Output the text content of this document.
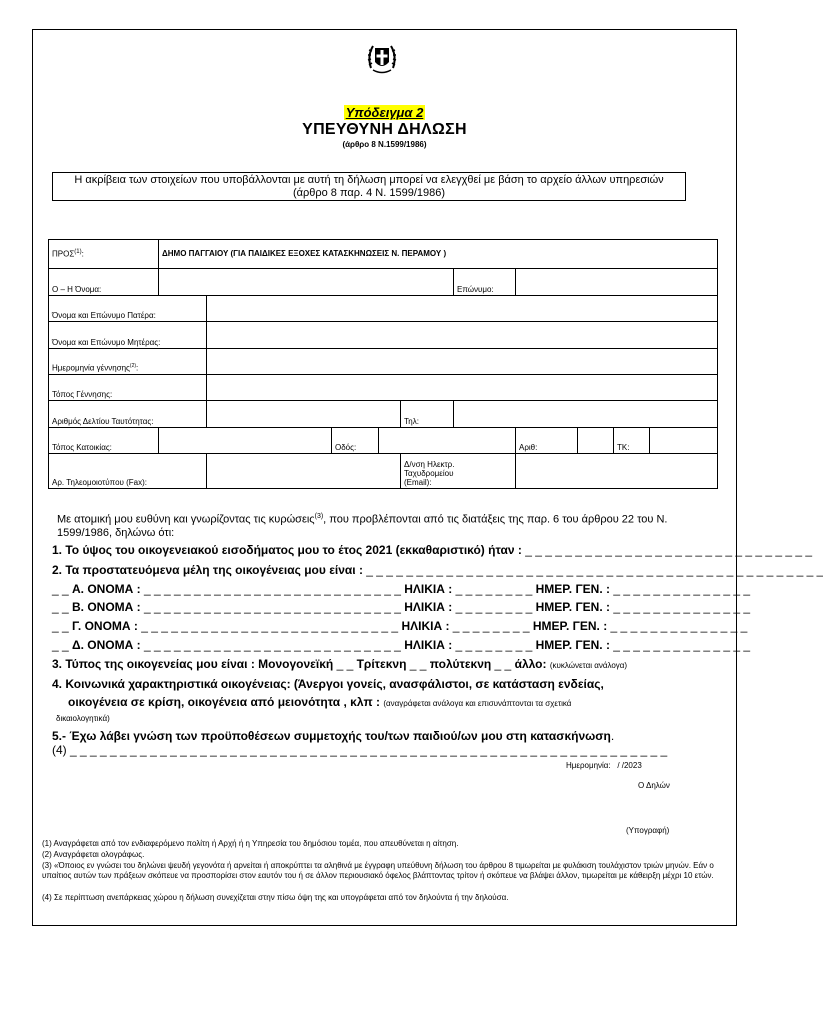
Υπόδειγμα 2
ΥΠΕΥΘΥΝΗ ΔΗΛΩΣΗ
(άρθρο 8 Ν.1599/1986)
Η ακρίβεια των στοιχείων που υποβάλλονται με αυτή τη δήλωση μπορεί να ελεγχθεί με βάση το αρχείο άλλων υπηρεσιών
(άρθρο 8 παρ. 4 Ν. 1599/1986)
ΠΡΟΣ$^{(1)}$:	ΔΗΜΟ ΠΑΓΓΑΙΟΥ (ΓΙΑ ΠΑΙΔΙΚΕΣ ΕΞΟΧΕΣ ΚΑΤΑΣΚΗΝΩΣΕΙΣ Ν. ΠΕΡΑΜΟΥ )									
Ο – Η Όνομα:						Επώνυμο:				
Όνομα και Επώνυμο Πατέρα:										
Όνομα και Επώνυμο Μητέρας:										
Ημερομηνία γέννησης$^{(2)}$:										
Τόπος Γέννησης:										
Αριθμός Δελτίου Ταυτότητας:					Τηλ:					
Τόπος Κατοικίας:			Οδός:				Αριθ:		ΤΚ:	
Αρ. Τηλεομοιοτύπου (Fax):					Δ/νση Ηλεκτρ.
Ταχυδρομείου
(Email):					

Με ατομική μου ευθύνη και γνωρίζοντας τις κυρώσεις$^{(3)}$, που προβλέπονται από τις διατάξεις της παρ. 6 του άρθρου 22 του Ν.
1599/1986, δηλώνω ότι:
1. Το ύψος του οικογενειακού εισοδήματος μου το έτος 2021 (εκκαθαριστικό) ήταν : _ _ _ _ _ _ _ _ _ _ _ _ _ _ _ _ _ _ _ _ _ _ _ _ _ _ _ _ _
2. Τα προστατευόμενα μέλη της οικογένειας μου είναι : _ _ _ _ _ _ _ _ _ _ _ _ _ _ _ _ _ _ _ _ _ _ _ _ _ _ _ _ _ _ _ _ _ _ _ _ _ _ _ _ _ _ _ _ _ _
_ _ Α. ΟΝΟΜΑ : _ _ _ _ _ _ _ _ _ _ _ _ _ _ _ _ _ _ _ _ _ _ _ _ _ _ ΗΛΙΚΙΑ : _ _ _ _ _ _ _ _ ΗΜΕΡ. ΓΕΝ. : _ _ _ _ _ _ _ _ _ _ _ _ _ _
_ _ Β. ΟΝΟΜΑ : _ _ _ _ _ _ _ _ _ _ _ _ _ _ _ _ _ _ _ _ _ _ _ _ _ _ ΗΛΙΚΙΑ : _ _ _ _ _ _ _ _ ΗΜΕΡ. ΓΕΝ. : _ _ _ _ _ _ _ _ _ _ _ _ _ _
_ _ Γ. ΟΝΟΜΑ : _ _ _ _ _ _ _ _ _ _ _ _ _ _ _ _ _ _ _ _ _ _ _ _ _ _ ΗΛΙΚΙΑ : _ _ _ _ _ _ _ _ ΗΜΕΡ. ΓΕΝ. : _ _ _ _ _ _ _ _ _ _ _ _ _ _
_ _ Δ. ΟΝΟΜΑ : _ _ _ _ _ _ _ _ _ _ _ _ _ _ _ _ _ _ _ _ _ _ _ _ _ _ ΗΛΙΚΙΑ : _ _ _ _ _ _ _ _ ΗΜΕΡ. ΓΕΝ. : _ _ _ _ _ _ _ _ _ _ _ _ _ _
3. Τύπος της οικογενείας μου είναι : Μονογονεϊκή _ _ Τρίτεκνη _ _ πολύτεκνη _ _ άλλο: (κυκλώνεται ανάλογα)
4. Κοινωνικά χαρακτηριστικά οικογένειας: (Άνεργοι γονείς, ανασφάλιστοι, σε κατάσταση ενδείας,
οικογένεια σε κρίση, οικογένεια από μειονότητα , κλπ : (αναγράφεται ανάλογα και επισυνάπτονται τα σχετικά
δικαιολογητικά)
5.- Έχω λάβει γνώση των προϋποθέσεων συμμετοχής του/των παιδιού/ων μου στη κατασκήνωση.
(4) _ _ _ _ _ _ _ _ _ _ _ _ _ _ _ _ _ _ _ _ _ _ _ _ _ _ _ _ _ _ _ _ _ _ _ _ _ _ _ _ _ _ _ _ _ _ _ _ _ _ _ _ _ _ _ _ _ _ _ _
Ημερομηνία: / /2023
Ο Δηλών
(Υπογραφή)
(1) Αναγράφεται από τον ενδιαφερόμενο πολίτη ή Αρχή ή η Υπηρεσία του δημόσιου τομέα, που απευθύνεται η αίτηση.
(2) Αναγράφεται ολογράφως.
(3) «Όποιος εν γνώσει του δηλώνει ψευδή γεγονότα ή αρνείται ή αποκρύπτει τα αληθινά με έγγραφη υπεύθυνη δήλωση του άρθρου 8 τιμωρείται με φυλάκιση τουλάχιστον τριών μηνών. Εάν ο υπαίτιος αυτών των πράξεων σκόπευε να προσπορίσει στον εαυτόν του ή σε άλλον περιουσιακό όφελος βλάπτοντας τρίτον ή σκόπευε να βλάψει άλλον, τιμωρείται με κάθειρξη μέχρι 10 ετών.
(4) Σε περίπτωση ανεπάρκειας χώρου η δήλωση συνεχίζεται στην πίσω όψη της και υπογράφεται από τον δηλούντα ή την δηλούσα.
